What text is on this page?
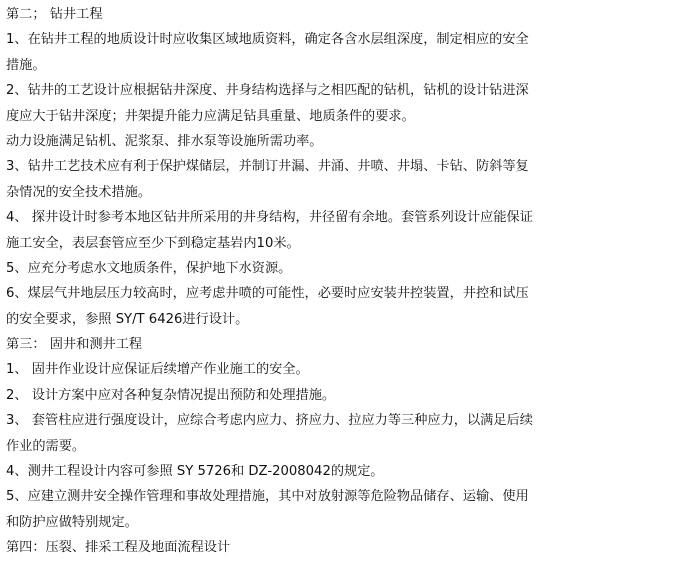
第二； 钻井工程
1、在钻井工程的地质设计时应收集区域地质资料，确定各含水层组深度，制定相应的安全
措施。
2、钻井的工艺设计应根据钻井深度、井身结构选择与之相匹配的钻机，钻机的设计钻进深
度应大于钻井深度；井架提升能力应满足钻具重量、地质条件的要求。
动力设施满足钻机、泥浆泵、排水泵等设施所需功率。
3、钻井工艺技术应有利于保护煤储层，并制订井漏、井涌、井喷、井塌、卡钻、防斜等复
杂情况的安全技术措施。
4、 探井设计时参考本地区钻井所采用的井身结构，井径留有余地。套管系列设计应能保证
施工安全，表层套管应至少下到稳定基岩内10米。
5、应充分考虑水文地质条件，保护地下水资源。
6、煤层气井地层压力较高时，应考虑井喷的可能性，必要时应安装井控装置，井控和试压
的安全要求，参照 SY/T 6426进行设计。
第三： 固井和测井工程
1、 固井作业设计应保证后续增产作业施工的安全。
2、 设计方案中应对各种复杂情况提出预防和处理措施。
3、 套管柱应进行强度设计，应综合考虑内应力、挤应力、拉应力等三种应力，以满足后续
作业的需要。
4、测井工程设计内容可参照 SY 5726和 DZ-2008042的规定。
5、应建立测井安全操作管理和事故处理措施，其中对放射源等危险物品储存、运输、使用
和防护应做特别规定。
第四：压裂、排采工程及地面流程设计
